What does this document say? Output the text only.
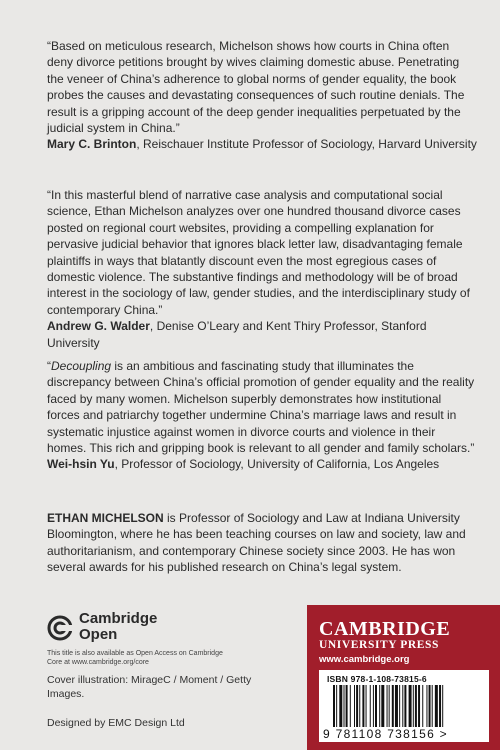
“Based on meticulous research, Michelson shows how courts in China often deny divorce petitions brought by wives claiming domestic abuse. Penetrating the veneer of China’s adherence to global norms of gender equality, the book probes the causes and devastating consequences of such routine denials. The result is a gripping account of the deep gender inequalities perpetuated by the judicial system in China.”

Mary C. Brinton, Reischauer Institute Professor of Sociology, Harvard University

“In this masterful blend of narrative case analysis and computational social science, Ethan Michelson analyzes over one hundred thousand divorce cases posted on regional court websites, providing a compelling explanation for pervasive judicial behavior that ignores black letter law, disadvantaging female plaintiffs in ways that blatantly discount even the most egregious cases of domestic violence. The substantive findings and methodology will be of broad interest in the sociology of law, gender studies, and the interdisciplinary study of contemporary China.”

Andrew G. Walder, Denise O’Leary and Kent Thiry Professor, Stanford University

“Decoupling is an ambitious and fascinating study that illuminates the discrepancy between China’s official promotion of gender equality and the reality faced by many women. Michelson superbly demonstrates how institutional forces and patriarchy together undermine China’s marriage laws and result in systematic injustice against women in divorce courts and violence in their homes. This rich and gripping book is relevant to all gender and family scholars.”

Wei-hsin Yu, Professor of Sociology, University of California, Los Angeles

ETHAN MICHELSON is Professor of Sociology and Law at Indiana University Bloomington, where he has been teaching courses on law and society, law and authoritarianism, and contemporary Chinese society since 2003. He has won several awards for his published research on China’s legal system.
Cambridge
Open
This title is also available as Open Access on Cambridge Core at www.cambridge.org/core
Cover illustration: MirageC / Moment / Getty Images.
Designed by EMC Design Ltd
CAMBRIDGE
UNIVERSITY PRESS
www.cambridge.org
ISBN 978-1-108-73815-6
9 781108 738156 >
